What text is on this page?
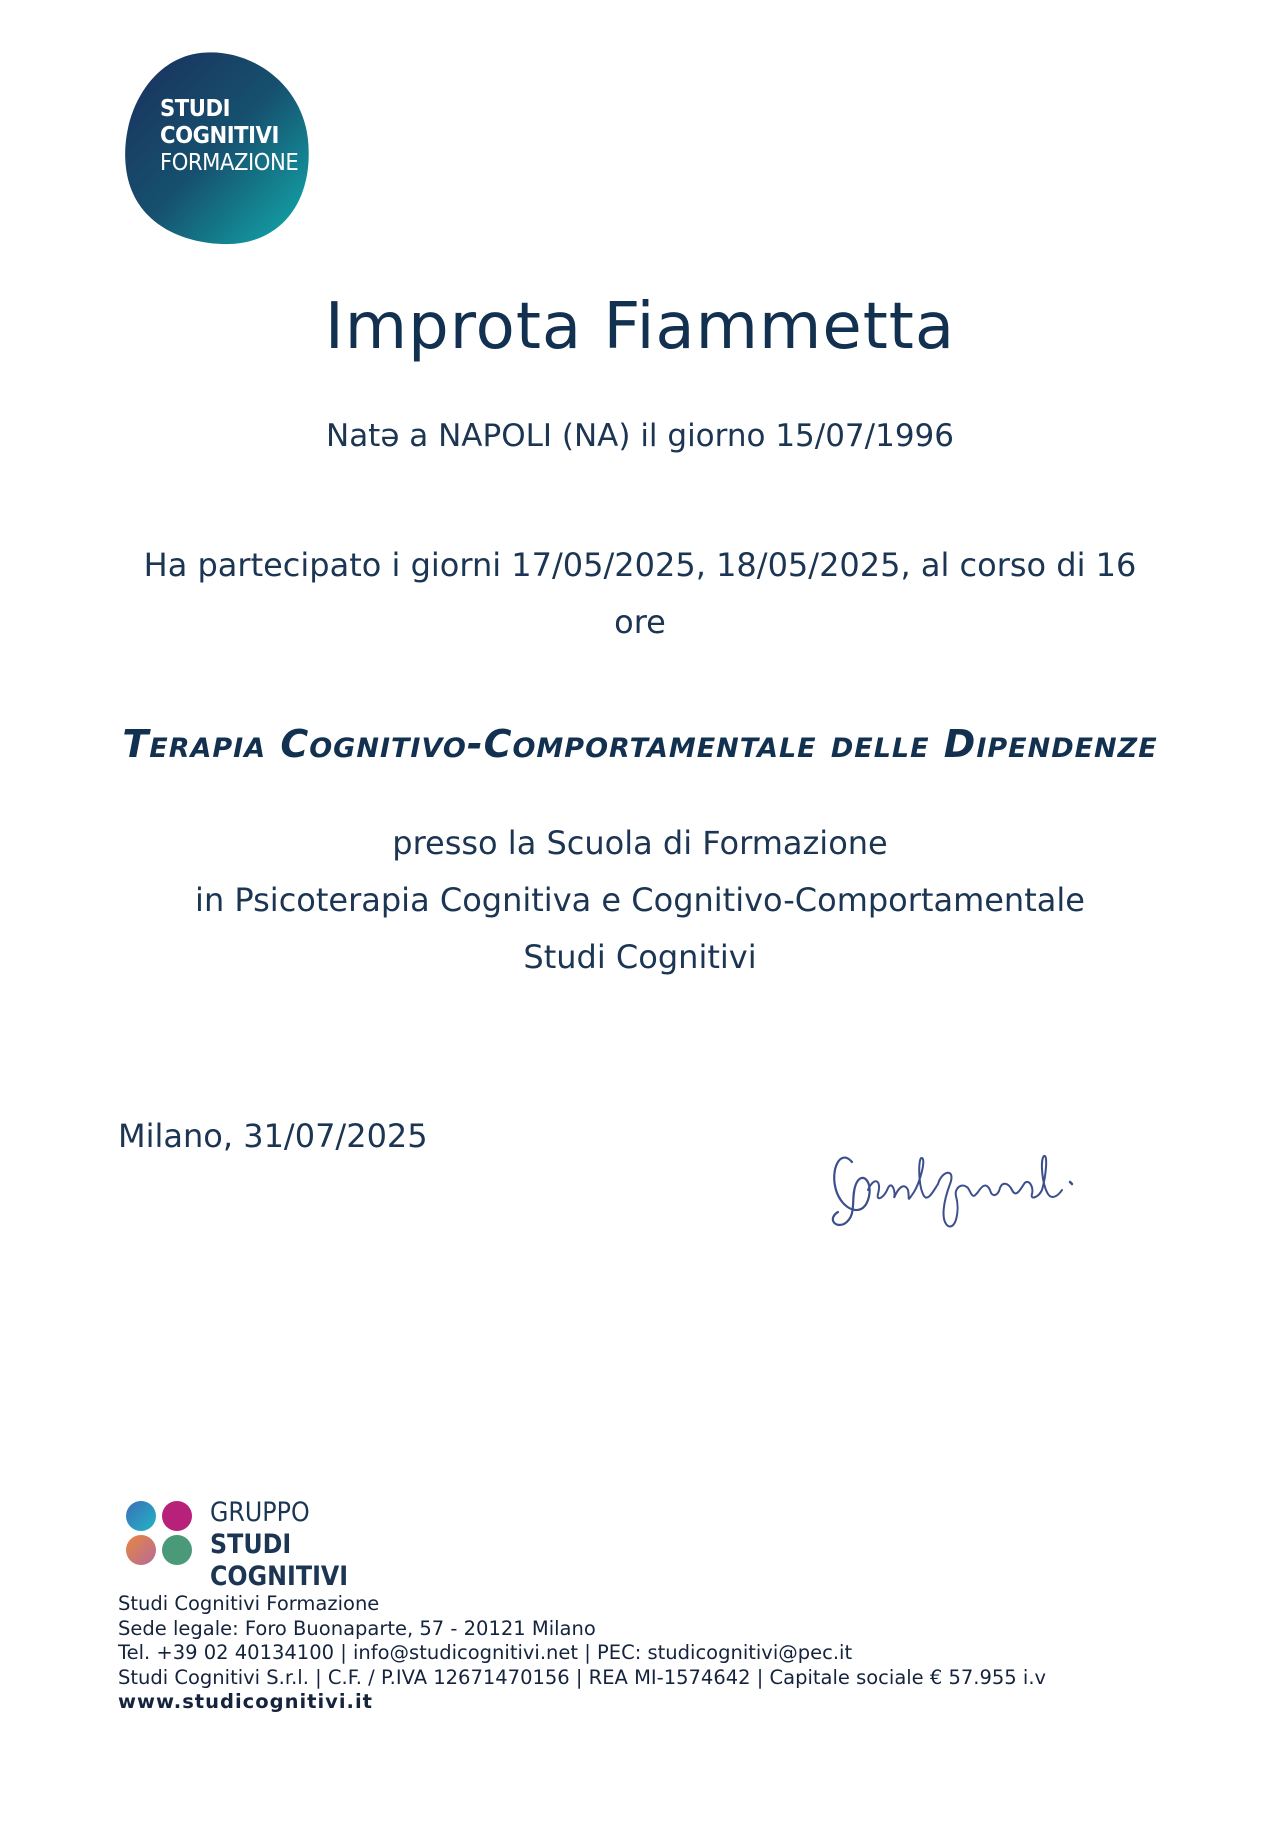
STUDI
COGNITIVI
FORMAZIONE
Improta Fiammetta
Natə a NAPOLI (NA) il giorno 15/07/1996
Ha partecipato i giorni 17/05/2025, 18/05/2025, al corso di 16 ore
Terapia Cognitivo-Comportamentale delle Dipendenze
presso la Scuola di Formazione
in Psicoterapia Cognitiva e Cognitivo-Comportamentale
Studi Cognitivi
Milano, 31/07/2025
GRUPPO
STUDI COGNITIVI
Studi Cognitivi Formazione
Sede legale: Foro Buonaparte, 57 - 20121 Milano
Tel. +39 02 40134100 | info@studicognitivi.net | PEC: studicognitivi@pec.it
Studi Cognitivi S.r.l. | C.F. / P.IVA 12671470156 | REA MI-1574642 | Capitale sociale € 57.955 i.v
www.studicognitivi.it
